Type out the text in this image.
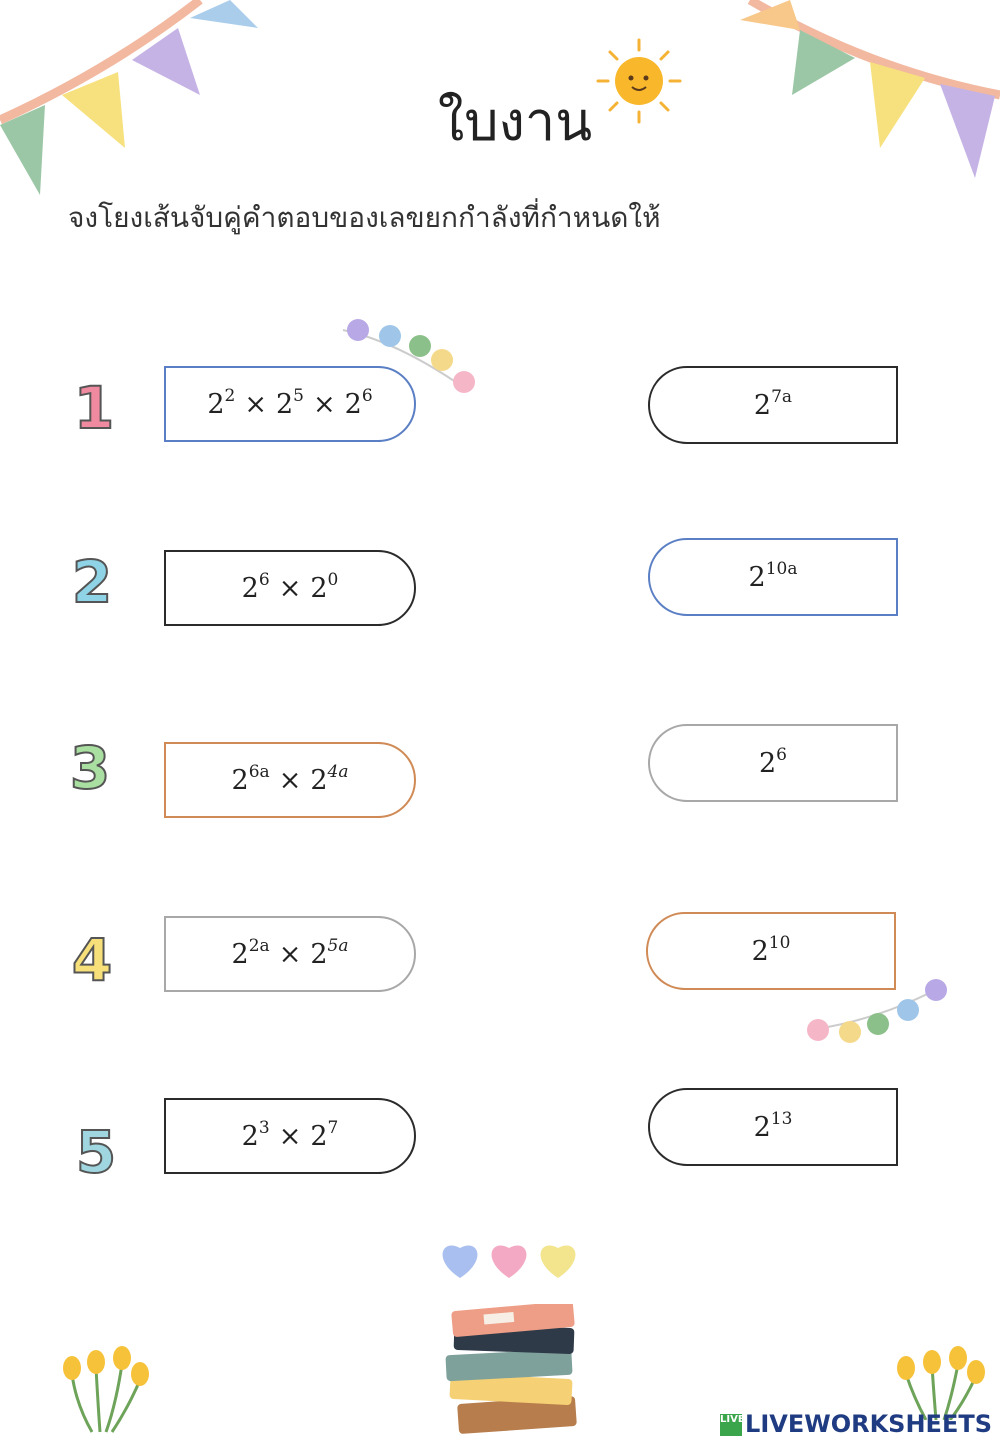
ใบงาน
จงโยงเส้นจับคู่คำตอบของเลขยกกำลังที่กำหนดให้
1
2
3
4
5
$2^2 \times 2^5 \times 2^6$
$2^6 \times 2^0$
$2^{6a} \times 2^{4a}$
$2^{2a} \times 2^{5a}$
$2^3 \times 2^7$
$2^{7a}$
$2^{10a}$
$2^6$
$2^{10}$
$2^{13}$
LIVELIVEWORKSHEETS
